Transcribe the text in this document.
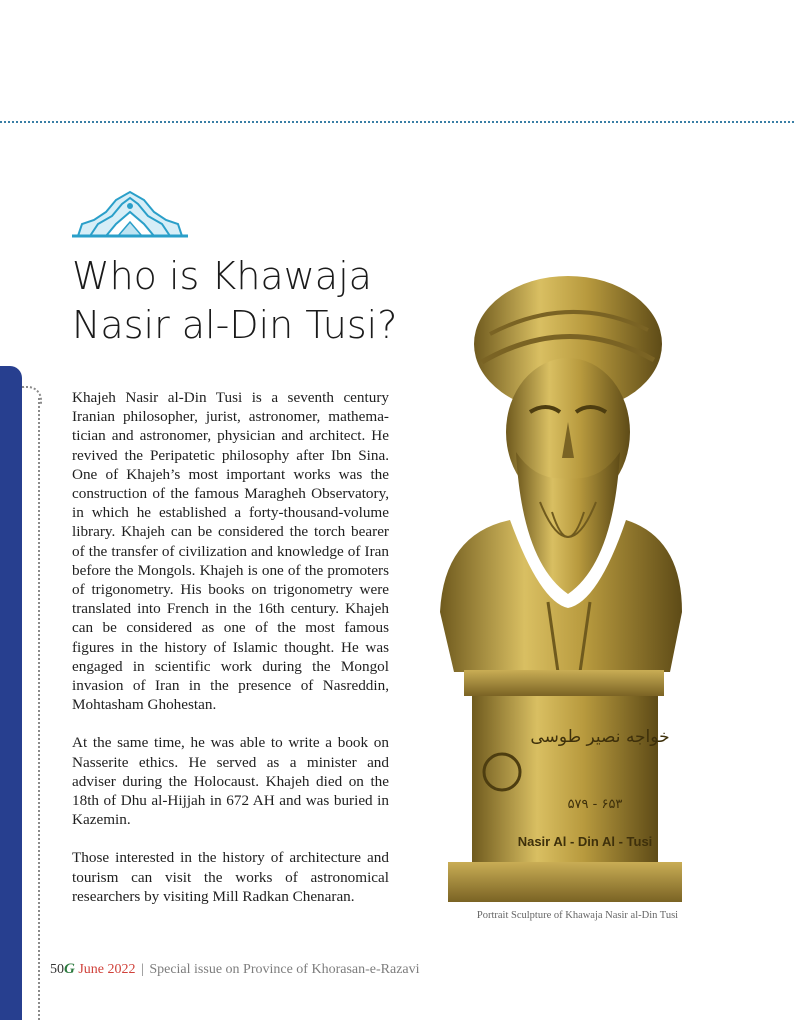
Who is Khawaja
Nasir al-Din Tusi?

Khajeh Nasir al-Din Tusi is a seventh century Iranian philosopher, jurist, astronomer, mathema- tician and astronomer, physician and architect. He revived the Peripatetic philosophy after Ibn Sina. One of Khajeh’s most important works was the construction of the famous Maragheh Observatory, in which he established a forty-thousand-volume library. Khajeh can be considered the torch bearer of the transfer of civilization and knowledge of Iran before the Mongols. Khajeh is one of the promoters of trigonometry. His books on trigonometry were translated into French in the 16th century. Khajeh can be considered as one of the most famous figures in the history of Islamic thought. He was engaged in scientific work during the Mongol invasion of Iran in the presence of Nasreddin, Mohtasham Ghohestan.

At the same time, he was able to write a book on Nasserite ethics. He served as a minister and adviser during the Holocaust. Khajeh died on the 18th of Dhu al-Hijjah in 672 AH and was buried in Kazemin.

Those interested in the history of architecture and tourism can visit the works of astronomical researchers by visiting Mill Radkan Chenaran.

خواجه نصیر طوسی
۵۷۹ - ۶۵۳
Nasir Al - Din Al - Tusi
Portrait Sculpture of Khawaja Nasir al-Din Tusi
50G June 2022 | Special issue on Province of Khorasan-e-Razavi
